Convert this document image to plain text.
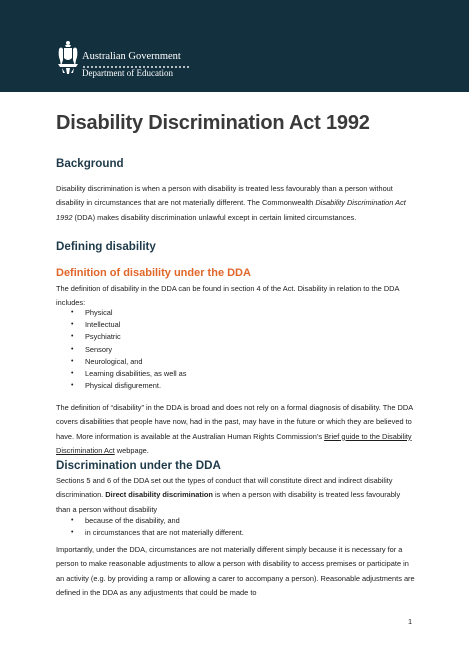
Australian Government
Department of Education
Disability Discrimination Act 1992
Background

Disability discrimination is when a person with disability is treated less favourably than a person without disability in circumstances that are not materially different. The Commonwealth Disability Discrimination Act 1992 (DDA) makes disability discrimination unlawful except in certain limited circumstances.

Defining disability
Definition of disability under the DDA

The definition of disability in the DDA can be found in section 4 of the Act. Disability in relation to the DDA includes:

• Physical
• Intellectual
• Psychiatric
• Sensory
• Neurological, and
• Learning disabilities, as well as
• Physical disfigurement.

The definition of “disability” in the DDA is broad and does not rely on a formal diagnosis of disability. The DDA covers disabilities that people have now, had in the past, may have in the future or which they are believed to have. More information is available at the Australian Human Rights Commission’s Brief guide to the Disability Discrimination Act webpage.

Discrimination under the DDA

Sections 5 and 6 of the DDA set out the types of conduct that will constitute direct and indirect disability discrimination. Direct disability discrimination is when a person with disability is treated less favourably than a person without disability

• because of the disability, and
• in circumstances that are not materially different.

Importantly, under the DDA, circumstances are not materially different simply because it is necessary for a person to make reasonable adjustments to allow a person with disability to access premises or participate in an activity (e.g. by providing a ramp or allowing a carer to accompany a person). Reasonable adjustments are defined in the DDA as any adjustments that could be made to

1
